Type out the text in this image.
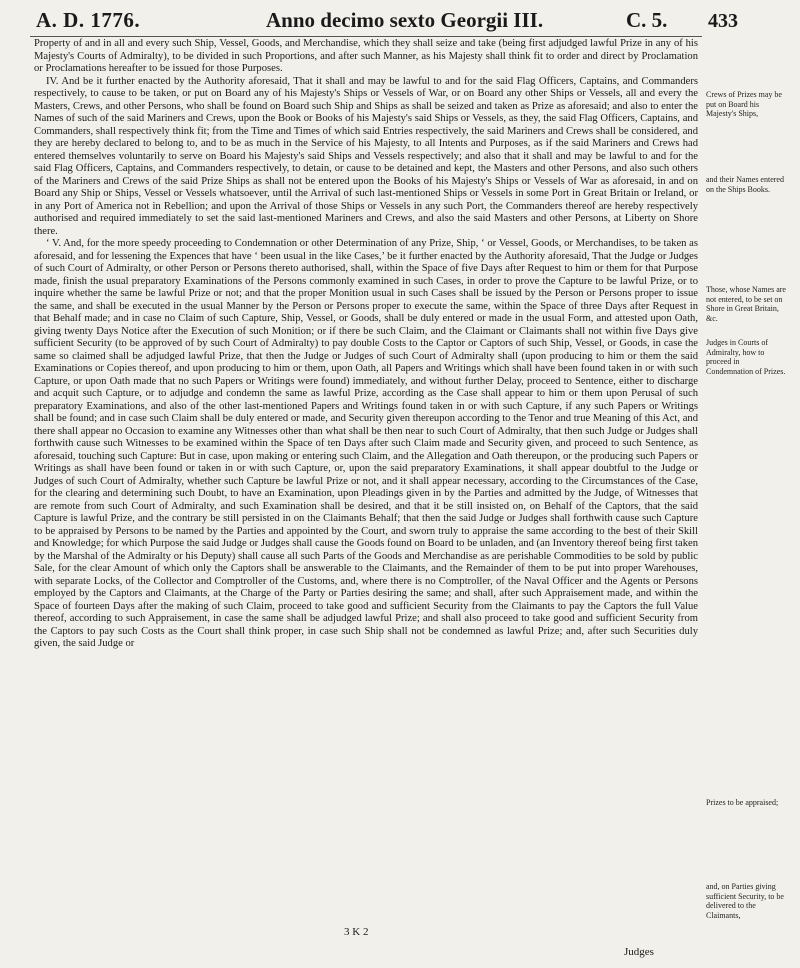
A. D. 1776.	Anno decimo sexto Georgii III.	C. 5. 433

Property of and in all and every such Ship, Vessel, Goods, and Merchandise, which they shall seize and take (being first adjudged lawful Prize in any of his Majesty's Courts of Admiralty), to be divided in such Proportions, and after such Manner, as his Majesty shall think fit to order and direct by Proclamation or Proclamations hereafter to be issued for those Purposes.

IV. And be it further enacted by the Authority aforesaid, That it shall and may be lawful to and for the said Flag Officers, Captains, and Commanders respectively, to cause to be taken, or put on Board any of his Majesty's Ships or Vessels of War, or on Board any other Ships or Vessels, all and every the Masters, Crews, and other Persons, who shall be found on Board such Ship and Ships as shall be seized and taken as Prize as aforesaid; and also to enter the Names of such of the said Mariners and Crews, upon the Book or Books of his Majesty's said Ships or Vessels, as they, the said Flag Officers, Captains, and Commanders, shall respectively think fit; from the Time and Times of which said Entries respectively, the said Mariners and Crews shall be considered, and they are hereby declared to belong to, and to be as much in the Service of his Majesty, to all Intents and Purposes, as if the said Mariners and Crews had entered themselves voluntarily to serve on Board his Majesty's said Ships and Vessels respectively; and also that it shall and may be lawful to and for the said Flag Officers, Captains, and Commanders respectively, to detain, or cause to be detained and kept, the Masters and other Persons, and also such others of the Mariners and Crews of the said Prize Ships as shall not be entered upon the Books of his Majesty's Ships or Vessels of War as aforesaid, in and on Board any Ship or Ships, Vessel or Vessels whatsoever, until the Arrival of such last-mentioned Ships or Vessels in some Port in Great Britain or Ireland, or in any Port of America not in Rebellion; and upon the Arrival of those Ships or Vessels in any such Port, the Commanders thereof are hereby respectively authorised and required immediately to set the said last-mentioned Mariners and Crews, and also the said Masters and other Persons, at Liberty on Shore there.

‘ V. And, for the more speedy proceeding to Condemnation or other Determination of any Prize, Ship, ‘ or Vessel, Goods, or Merchandises, to be taken as aforesaid, and for lessening the Expences that have ‘ been usual in the like Cases,’ be it further enacted by the Authority aforesaid, That the Judge or Judges of such Court of Admiralty, or other Person or Persons thereto authorised, shall, within the Space of five Days after Request to him or them for that Purpose made, finish the usual preparatory Examinations of the Persons commonly examined in such Cases, in order to prove the Capture to be lawful Prize, or to inquire whether the same be lawful Prize or not; and that the proper Monition usual in such Cases shall be issued by the Person or Persons proper to issue the same, and shall be executed in the usual Manner by the Person or Persons proper to execute the same, within the Space of three Days after Request in that Behalf made; and in case no Claim of such Capture, Ship, Vessel, or Goods, shall be duly entered or made in the usual Form, and attested upon Oath, giving twenty Days Notice after the Execution of such Monition; or if there be such Claim, and the Claimant or Claimants shall not within five Days give sufficient Security (to be approved of by such Court of Admiralty) to pay double Costs to the Captor or Captors of such Ship, Vessel, or Goods, in case the same so claimed shall be adjudged lawful Prize, that then the Judge or Judges of such Court of Admiralty shall (upon producing to him or them the said Examinations or Copies thereof, and upon producing to him or them, upon Oath, all Papers and Writings which shall have been found taken in or with such Capture, or upon Oath made that no such Papers or Writings were found) immediately, and without further Delay, proceed to Sentence, either to discharge and acquit such Capture, or to adjudge and condemn the same as lawful Prize, according as the Case shall appear to him or them upon Perusal of such preparatory Examinations, and also of the other last-mentioned Papers and Writings found taken in or with such Capture, if any such Papers or Writings shall be found; and in case such Claim shall be duly entered or made, and Security given thereupon according to the Tenor and true Meaning of this Act, and there shall appear no Occasion to examine any Witnesses other than what shall be then near to such Court of Admiralty, that then such Judge or Judges shall forthwith cause such Witnesses to be examined within the Space of ten Days after such Claim made and Security given, and proceed to such Sentence, as aforesaid, touching such Capture: But in case, upon making or entering such Claim, and the Allegation and Oath thereupon, or the producing such Papers or Writings as shall have been found or taken in or with such Capture, or, upon the said preparatory Examinations, it shall appear doubtful to the Judge or Judges of such Court of Admiralty, whether such Capture be lawful Prize or not, and it shall appear necessary, according to the Circumstances of the Case, for the clearing and determining such Doubt, to have an Examination, upon Pleadings given in by the Parties and admitted by the Judge, of Witnesses that are remote from such Court of Admiralty, and such Examination shall be desired, and that it be still insisted on, on Behalf of the Captors, that the said Capture is lawful Prize, and the contrary be still persisted in on the Claimants Behalf; that then the said Judge or Judges shall forthwith cause such Capture to be appraised by Persons to be named by the Parties and appointed by the Court, and sworn truly to appraise the same according to the best of their Skill and Knowledge; for which Purpose the said Judge or Judges shall cause the Goods found on Board to be unladen, and (an Inventory thereof being first taken by the Marshal of the Admiralty or his Deputy) shall cause all such Parts of the Goods and Merchandise as are perishable Commodities to be sold by public Sale, for the clear Amount of which only the Captors shall be answerable to the Claimants, and the Remainder of them to be put into proper Warehouses, with separate Locks, of the Collector and Comptroller of the Customs, and, where there is no Comptroller, of the Naval Officer and the Agents or Persons employed by the Captors and Claimants, at the Charge of the Party or Parties desiring the same; and shall, after such Appraisement made, and within the Space of fourteen Days after the making of such Claim, proceed to take good and sufficient Security from the Claimants to pay the Captors the full Value thereof, according to such Appraisement, in case the same shall be adjudged lawful Prize; and shall also proceed to take good and sufficient Security from the Captors to pay such Costs as the Court shall think proper, in case such Ship shall not be condemned as lawful Prize; and, after such Securities duly given, the said Judge or

Crews of Prizes may be put on Board his Majesty's Ships,
and their Names entered on the Ships Books.
Those, whose Names are not entered, to be set on Shore in Great Britain, &c.
Judges in Courts of Admiralty, how to proceed in Condemnation of Prizes.
Prizes to be appraised;
and, on Parties giving sufficient Security, to be delivered to the Claimants,
3 K 2
Judges
